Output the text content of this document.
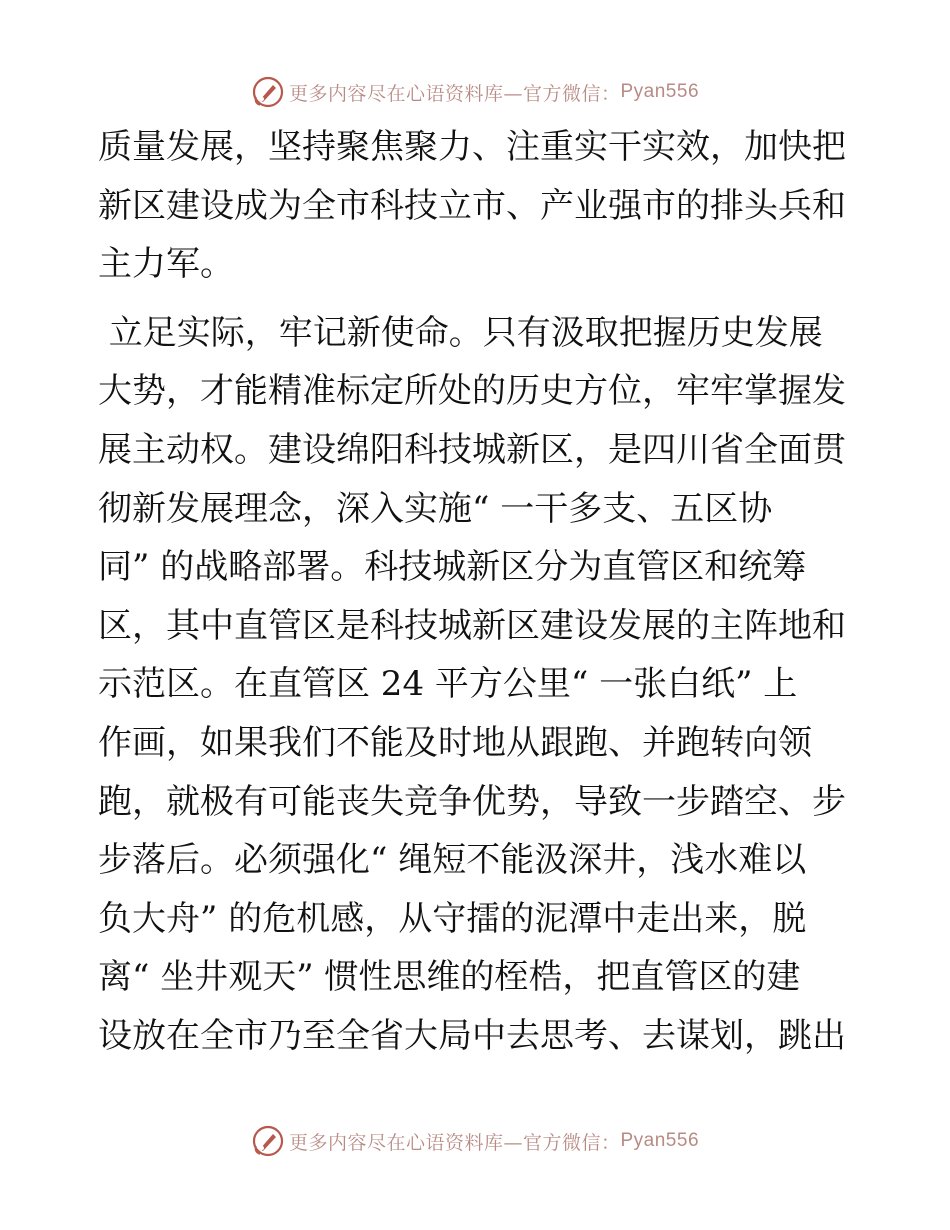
更多内容尽在心语资料库—官方微信： Pyan556
质量发展，坚持聚焦聚力、注重实干实效，加快把
新区建设成为全市科技立市、产业强市的排头兵和
主力军。
立足实际，牢记新使命。只有汲取把握历史发展
大势，才能精准标定所处的历史方位，牢牢掌握发
展主动权。建设绵阳科技城新区，是四川省全面贯
彻新发展理念，深入实施“ 一干多支、五区协
同” 的战略部署。科技城新区分为直管区和统筹
区，其中直管区是科技城新区建设发展的主阵地和
示范区。在直管区 24 平方公里“ 一张白纸” 上
作画，如果我们不能及时地从跟跑、并跑转向领
跑，就极有可能丧失竞争优势，导致一步踏空、步
步落后。必须强化“ 绳短不能汲深井，浅水难以
负大舟” 的危机感，从守擂的泥潭中走出来，脱
离“ 坐井观天” 惯性思维的桎梏，把直管区的建
设放在全市乃至全省大局中去思考、去谋划，跳出
更多内容尽在心语资料库—官方微信： Pyan556
